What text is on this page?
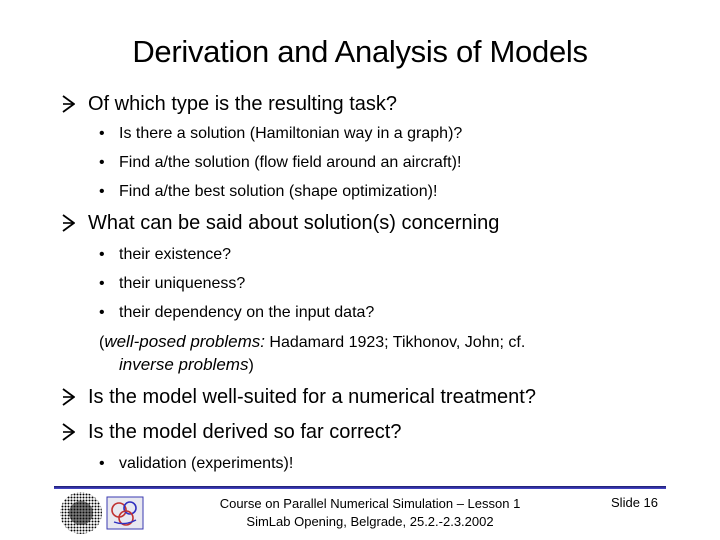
Derivation and Analysis of Models
Of which type is the resulting task?
• Is there a solution (Hamiltonian way in a graph)?
• Find a/the solution (flow field around an aircraft)!
• Find a/the best solution (shape optimization)!
What can be said about solution(s) concerning
• their existence?
• their uniqueness?
• their dependency on the input data?
(well-posed problems: Hadamard 1923; Tikhonov, John; cf.
inverse problems)
Is the model well-suited for a numerical treatment?
Is the model derived so far correct?
• validation (experiments)!
Course on Parallel Numerical Simulation – Lesson 1
SimLab Opening, Belgrade, 25.2.-2.3.2002
Slide 16
